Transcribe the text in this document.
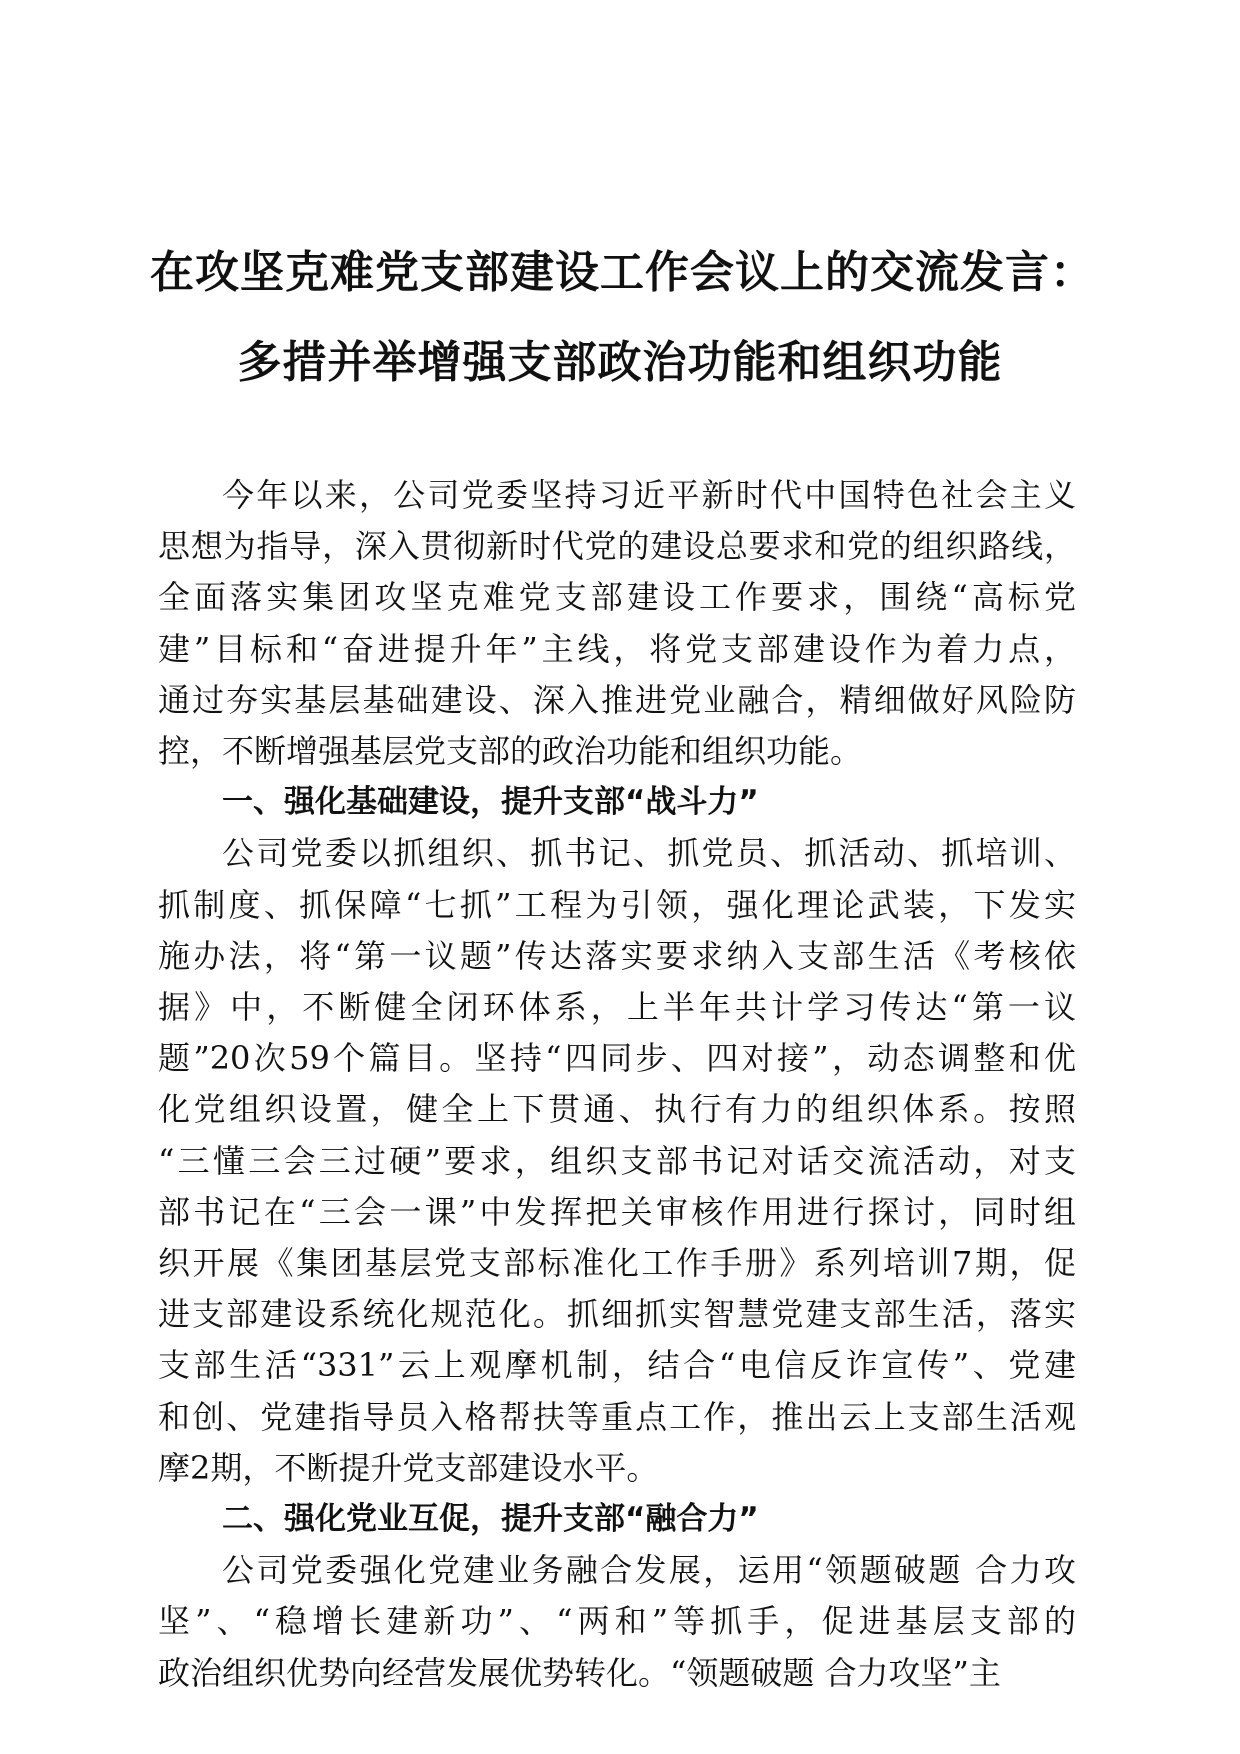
在攻坚克难党支部建设工作会议上的交流发言：
多措并举增强支部政治功能和组织功能

今年以来，公司党委坚持习近平新时代中国特色社会主义
思想为指导，深入贯彻新时代党的建设总要求和党的组织路线，
全面落实集团攻坚克难党支部建设工作要求，围绕“高标党
建”目标和“奋进提升年”主线，将党支部建设作为着力点，
通过夯实基层基础建设、深入推进党业融合，精细做好风险防
控，不断增强基层党支部的政治功能和组织功能。

一、强化基础建设，提升支部“战斗力”

公司党委以抓组织、抓书记、抓党员、抓活动、抓培训、
抓制度、抓保障“七抓”工程为引领，强化理论武装，下发实
施办法，将“第一议题”传达落实要求纳入支部生活《考核依
据》中，不断健全闭环体系，上半年共计学习传达“第一议
题”20次59个篇目。坚持“四同步、四对接”，动态调整和优
化党组织设置，健全上下贯通、执行有力的组织体系。按照
“三懂三会三过硬”要求，组织支部书记对话交流活动，对支
部书记在“三会一课”中发挥把关审核作用进行探讨，同时组
织开展《集团基层党支部标准化工作手册》系列培训7期，促
进支部建设系统化规范化。抓细抓实智慧党建支部生活，落实
支部生活“331”云上观摩机制，结合“电信反诈宣传”、党建
和创、党建指导员入格帮扶等重点工作，推出云上支部生活观
摩2期，不断提升党支部建设水平。

二、强化党业互促，提升支部“融合力”

公司党委强化党建业务融合发展，运用“领题破题 合力攻
坚”、“稳增长建新功”、“两和”等抓手，促进基层支部的
政治组织优势向经营发展优势转化。“领题破题 合力攻坚”主
